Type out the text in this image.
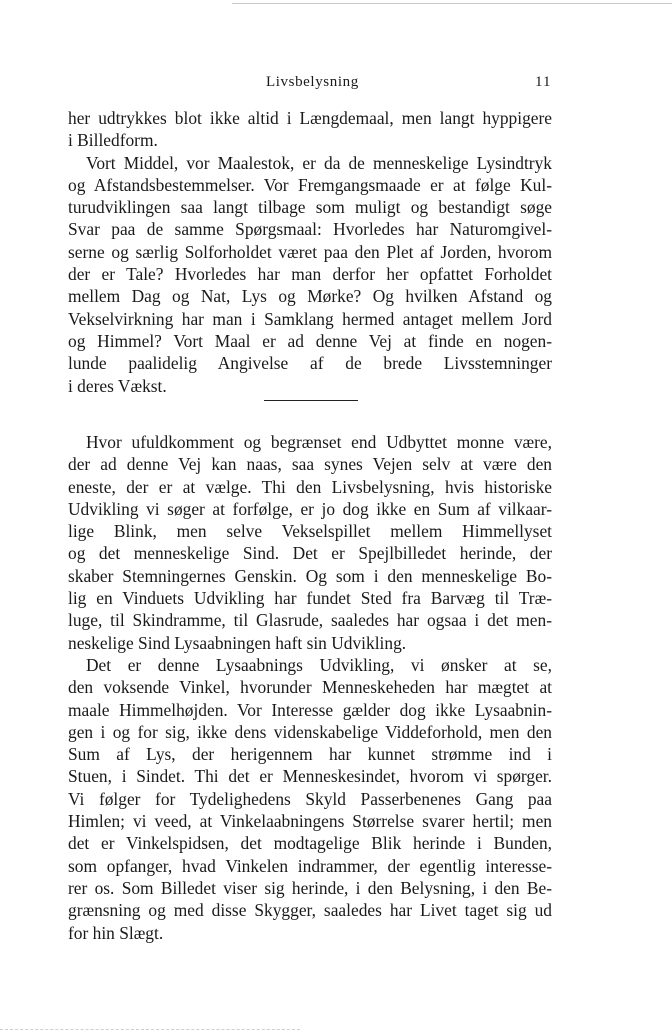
Livsbelysning	11
her udtrykkes blot ikke altid i Længdemaal, men langt hyppigere
i Billedform.
Vort Middel, vor Maalestok, er da de menneskelige Lysindtryk
og Afstandsbestemmelser. Vor Fremgangsmaade er at følge Kul-
turudviklingen saa langt tilbage som muligt og bestandigt søge
Svar paa de samme Spørgsmaal: Hvorledes har Naturomgivel-
serne og særlig Solforholdet været paa den Plet af Jorden, hvorom
der er Tale? Hvorledes har man derfor her opfattet Forholdet
mellem Dag og Nat, Lys og Mørke? Og hvilken Afstand og
Vekselvirkning har man i Samklang hermed antaget mellem Jord
og Himmel? Vort Maal er ad denne Vej at finde en nogen-
lunde paalidelig Angivelse af de brede Livsstemninger
i deres Vækst.
Hvor ufuldkomment og begrænset end Udbyttet monne være,
der ad denne Vej kan naas, saa synes Vejen selv at være den
eneste, der er at vælge. Thi den Livsbelysning, hvis historiske
Udvikling vi søger at forfølge, er jo dog ikke en Sum af vilkaar-
lige Blink, men selve Vekselspillet mellem Himmellyset
og det menneskelige Sind. Det er Spejlbilledet herinde, der
skaber Stemningernes Genskin. Og som i den menneskelige Bo-
lig en Vinduets Udvikling har fundet Sted fra Barvæg til Træ-
luge, til Skindramme, til Glasrude, saaledes har ogsaa i det men-
neskelige Sind Lysaabningen haft sin Udvikling.
Det er denne Lysaabnings Udvikling, vi ønsker at se,
den voksende Vinkel, hvorunder Menneskeheden har mægtet at
maale Himmelhøjden. Vor Interesse gælder dog ikke Lysaabnin-
gen i og for sig, ikke dens videnskabelige Viddeforhold, men den
Sum af Lys, der herigennem har kunnet strømme ind i
Stuen, i Sindet. Thi det er Menneskesindet, hvorom vi spørger.
Vi følger for Tydelighedens Skyld Passerbenenes Gang paa
Himlen; vi veed, at Vinkelaabningens Størrelse svarer hertil; men
det er Vinkelspidsen, det modtagelige Blik herinde i Bunden,
som opfanger, hvad Vinkelen indrammer, der egentlig interesse-
rer os. Som Billedet viser sig herinde, i den Belysning, i den Be-
grænsning og med disse Skygger, saaledes har Livet taget sig ud
for hin Slægt.
